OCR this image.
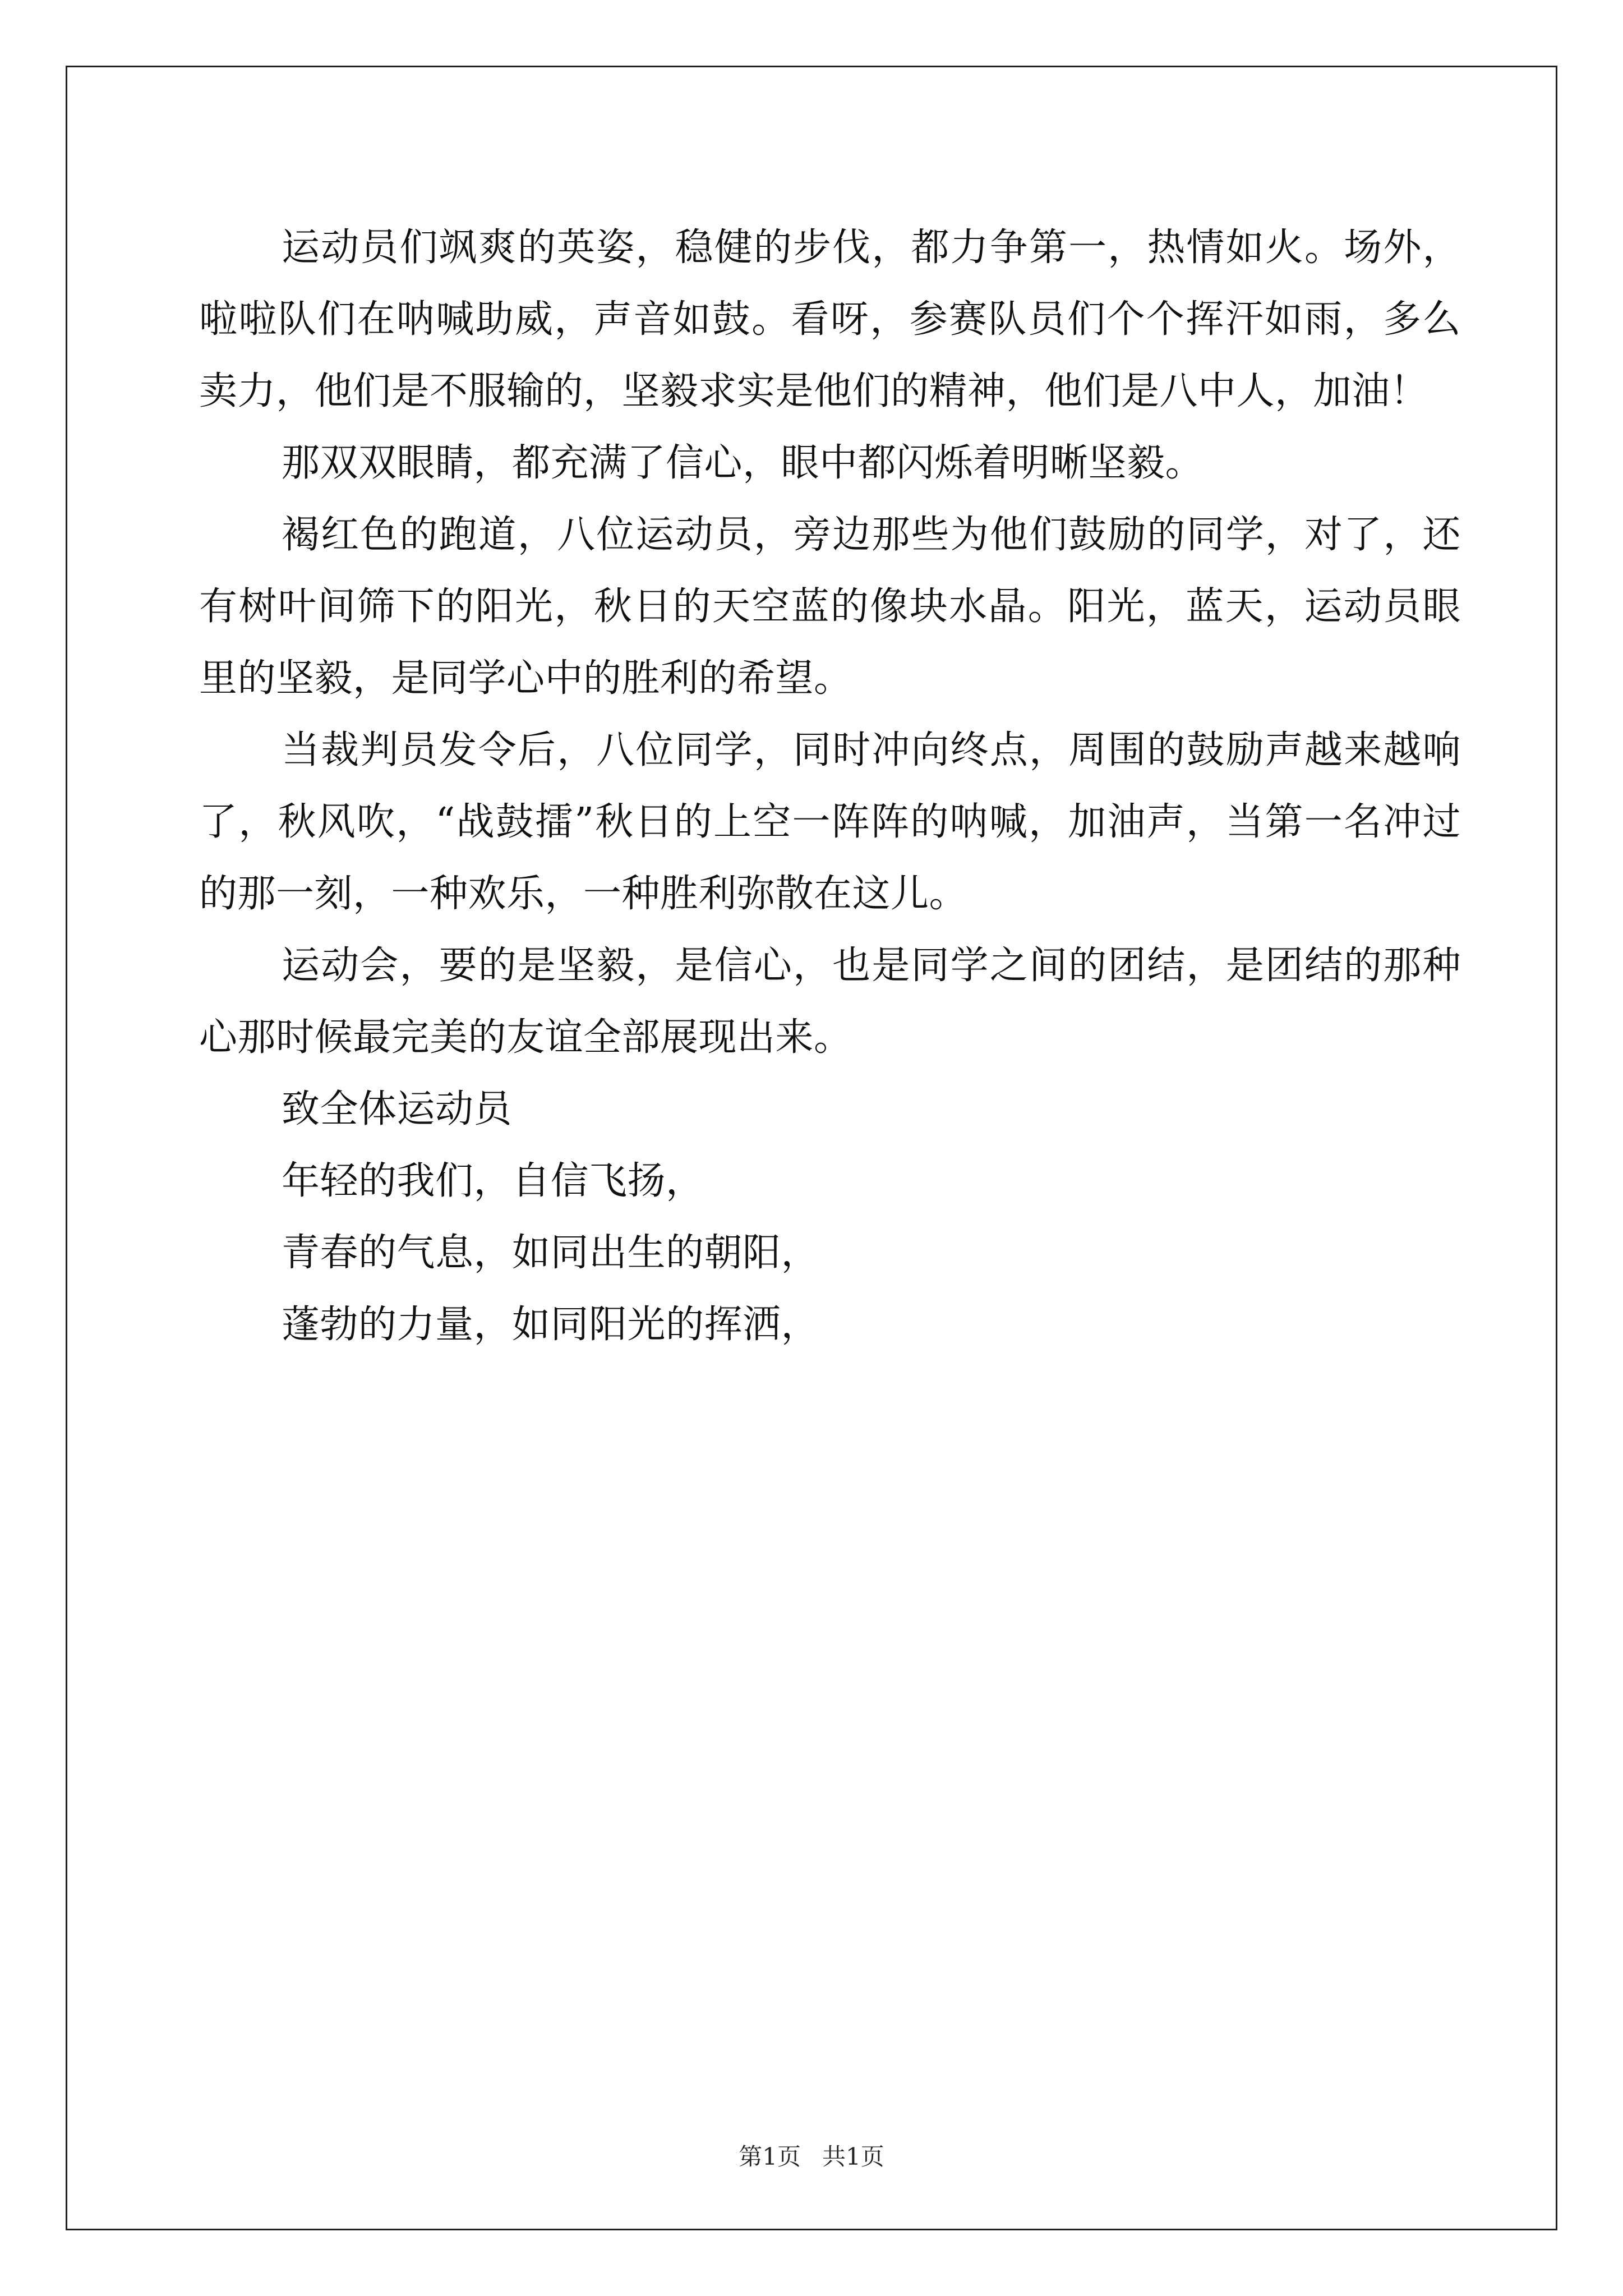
运动员们飒爽的英姿，稳健的步伐，都力争第一，热情如火。场外，啦啦队们在呐喊助威，声音如鼓。看呀，参赛队员们个个挥汗如雨，多么卖力，他们是不服输的，坚毅求实是他们的精神，他们是八中人，加油！

那双双眼睛，都充满了信心，眼中都闪烁着明晰坚毅。

褐红色的跑道，八位运动员，旁边那些为他们鼓励的同学，对了，还有树叶间筛下的阳光，秋日的天空蓝的像块水晶。阳光，蓝天，运动员眼里的坚毅，是同学心中的胜利的希望。

当裁判员发令后，八位同学，同时冲向终点，周围的鼓励声越来越响了，秋风吹，“战鼓擂”秋日的上空一阵阵的呐喊，加油声，当第一名冲过的那一刻，一种欢乐，一种胜利弥散在这儿。

运动会，要的是坚毅，是信心，也是同学之间的团结，是团结的那种心那时候最完美的友谊全部展现出来。

致全体运动员

年轻的我们，自信飞扬，

青春的气息，如同出生的朝阳，

蓬勃的力量，如同阳光的挥洒，

第1页 共1页
